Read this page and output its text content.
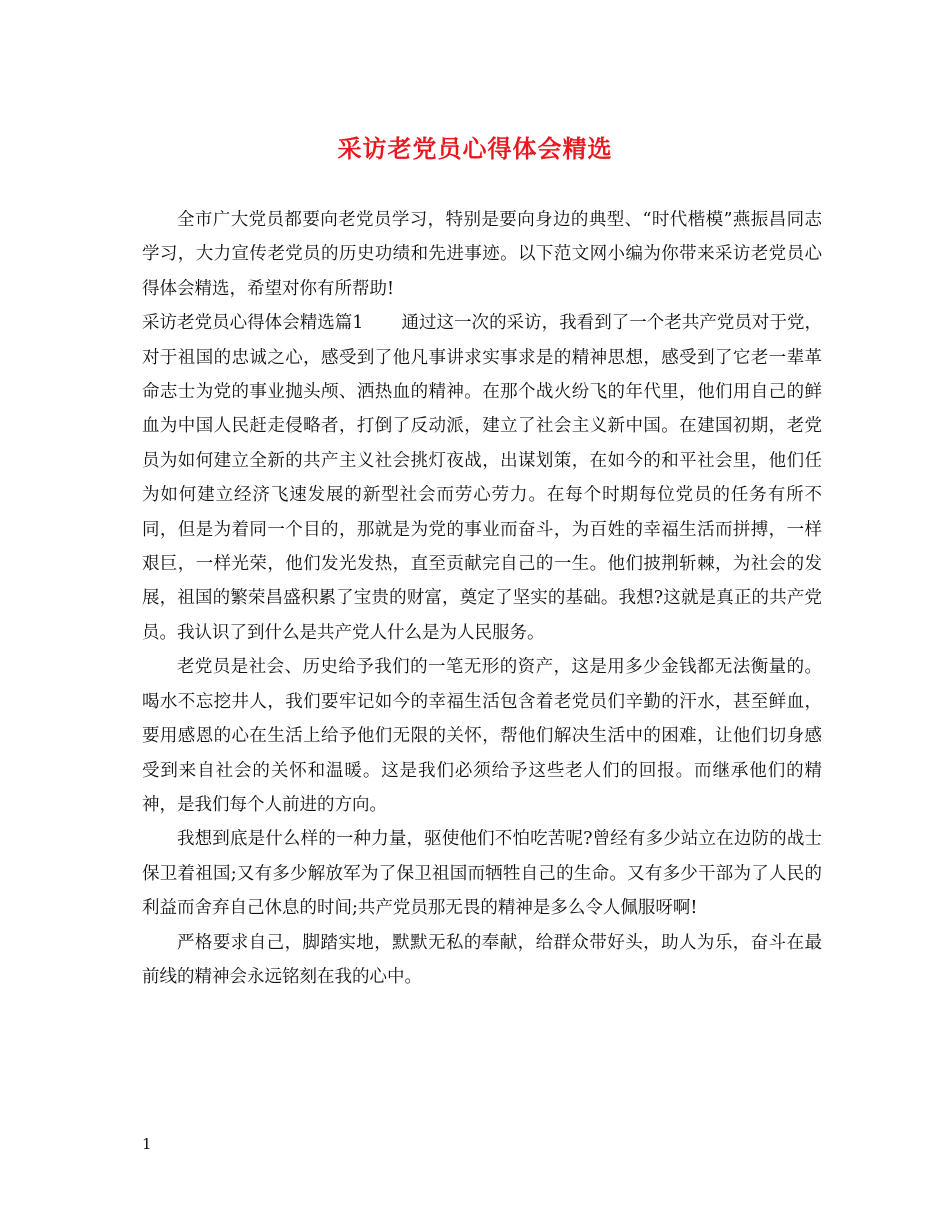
采访老党员心得体会精选

全市广大党员都要向老党员学习，特别是要向身边的典型、“时代楷模”燕振昌同志学习，大力宣传老党员的历史功绩和先进事迹。以下范文网小编为你带来采访老党员心得体会精选，希望对你有所帮助!

采访老党员心得体会精选篇1 通过这一次的采访，我看到了一个老共产党员对于党，对于祖国的忠诚之心，感受到了他凡事讲求实事求是的精神思想，感受到了它老一辈革命志士为党的事业抛头颅、洒热血的精神。在那个战火纷飞的年代里，他们用自己的鲜血为中国人民赶走侵略者，打倒了反动派，建立了社会主义新中国。在建国初期，老党员为如何建立全新的共产主义社会挑灯夜战，出谋划策，在如今的和平社会里，他们任为如何建立经济飞速发展的新型社会而劳心劳力。在每个时期每位党员的任务有所不同，但是为着同一个目的，那就是为党的事业而奋斗，为百姓的幸福生活而拼搏，一样艰巨，一样光荣，他们发光发热，直至贡献完自己的一生。他们披荆斩棘，为社会的发展，祖国的繁荣昌盛积累了宝贵的财富，奠定了坚实的基础。我想?这就是真正的共产党员。我认识了到什么是共产党人什么是为人民服务。

老党员是社会、历史给予我们的一笔无形的资产，这是用多少金钱都无法衡量的。喝水不忘挖井人，我们要牢记如今的幸福生活包含着老党员们辛勤的汗水，甚至鲜血，要用感恩的心在生活上给予他们无限的关怀，帮他们解决生活中的困难，让他们切身感受到来自社会的关怀和温暖。这是我们必须给予这些老人们的回报。而继承他们的精神，是我们每个人前进的方向。

我想到底是什么样的一种力量，驱使他们不怕吃苦呢?曾经有多少站立在边防的战士保卫着祖国;又有多少解放军为了保卫祖国而牺牲自己的生命。又有多少干部为了人民的利益而舍弃自己休息的时间;共产党员那无畏的精神是多么令人佩服呀啊!

严格要求自己，脚踏实地，默默无私的奉献，给群众带好头，助人为乐，奋斗在最前线的精神会永远铭刻在我的心中。

1
